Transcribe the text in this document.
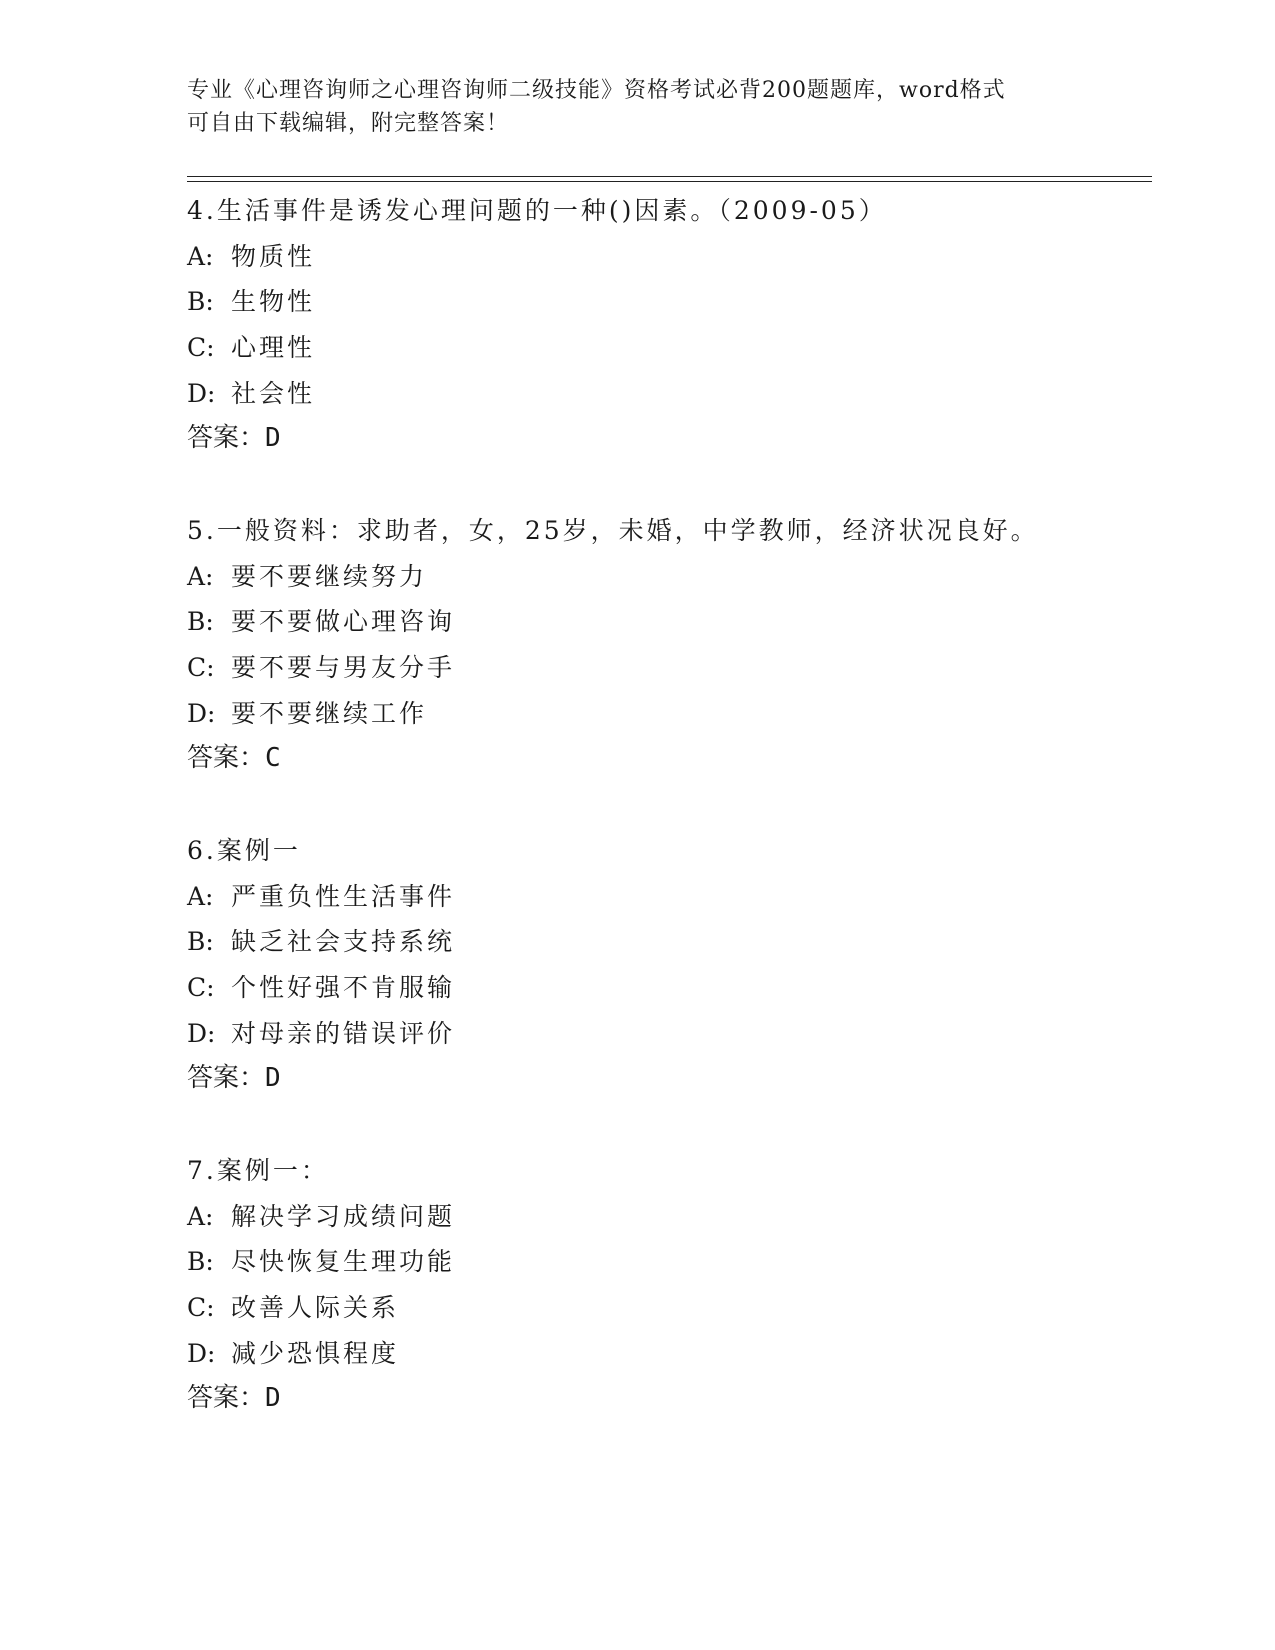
专业《心理咨询师之心理咨询师二级技能》资格考试必背200题题库，word格式
可自由下载编辑，附完整答案！
4.生活事件是诱发心理问题的一种()因素。（2009-05）
A: 物质性
B: 生物性
C: 心理性
D: 社会性
答案：D
5.一般资料：求助者，女，25岁，未婚，中学教师，经济状况良好。
A: 要不要继续努力
B: 要不要做心理咨询
C: 要不要与男友分手
D: 要不要继续工作
答案：C
6.案例一
A: 严重负性生活事件
B: 缺乏社会支持系统
C: 个性好强不肯服输
D: 对母亲的错误评价
答案：D
7.案例一：
A: 解决学习成绩问题
B: 尽快恢复生理功能
C: 改善人际关系
D: 减少恐惧程度
答案：D
